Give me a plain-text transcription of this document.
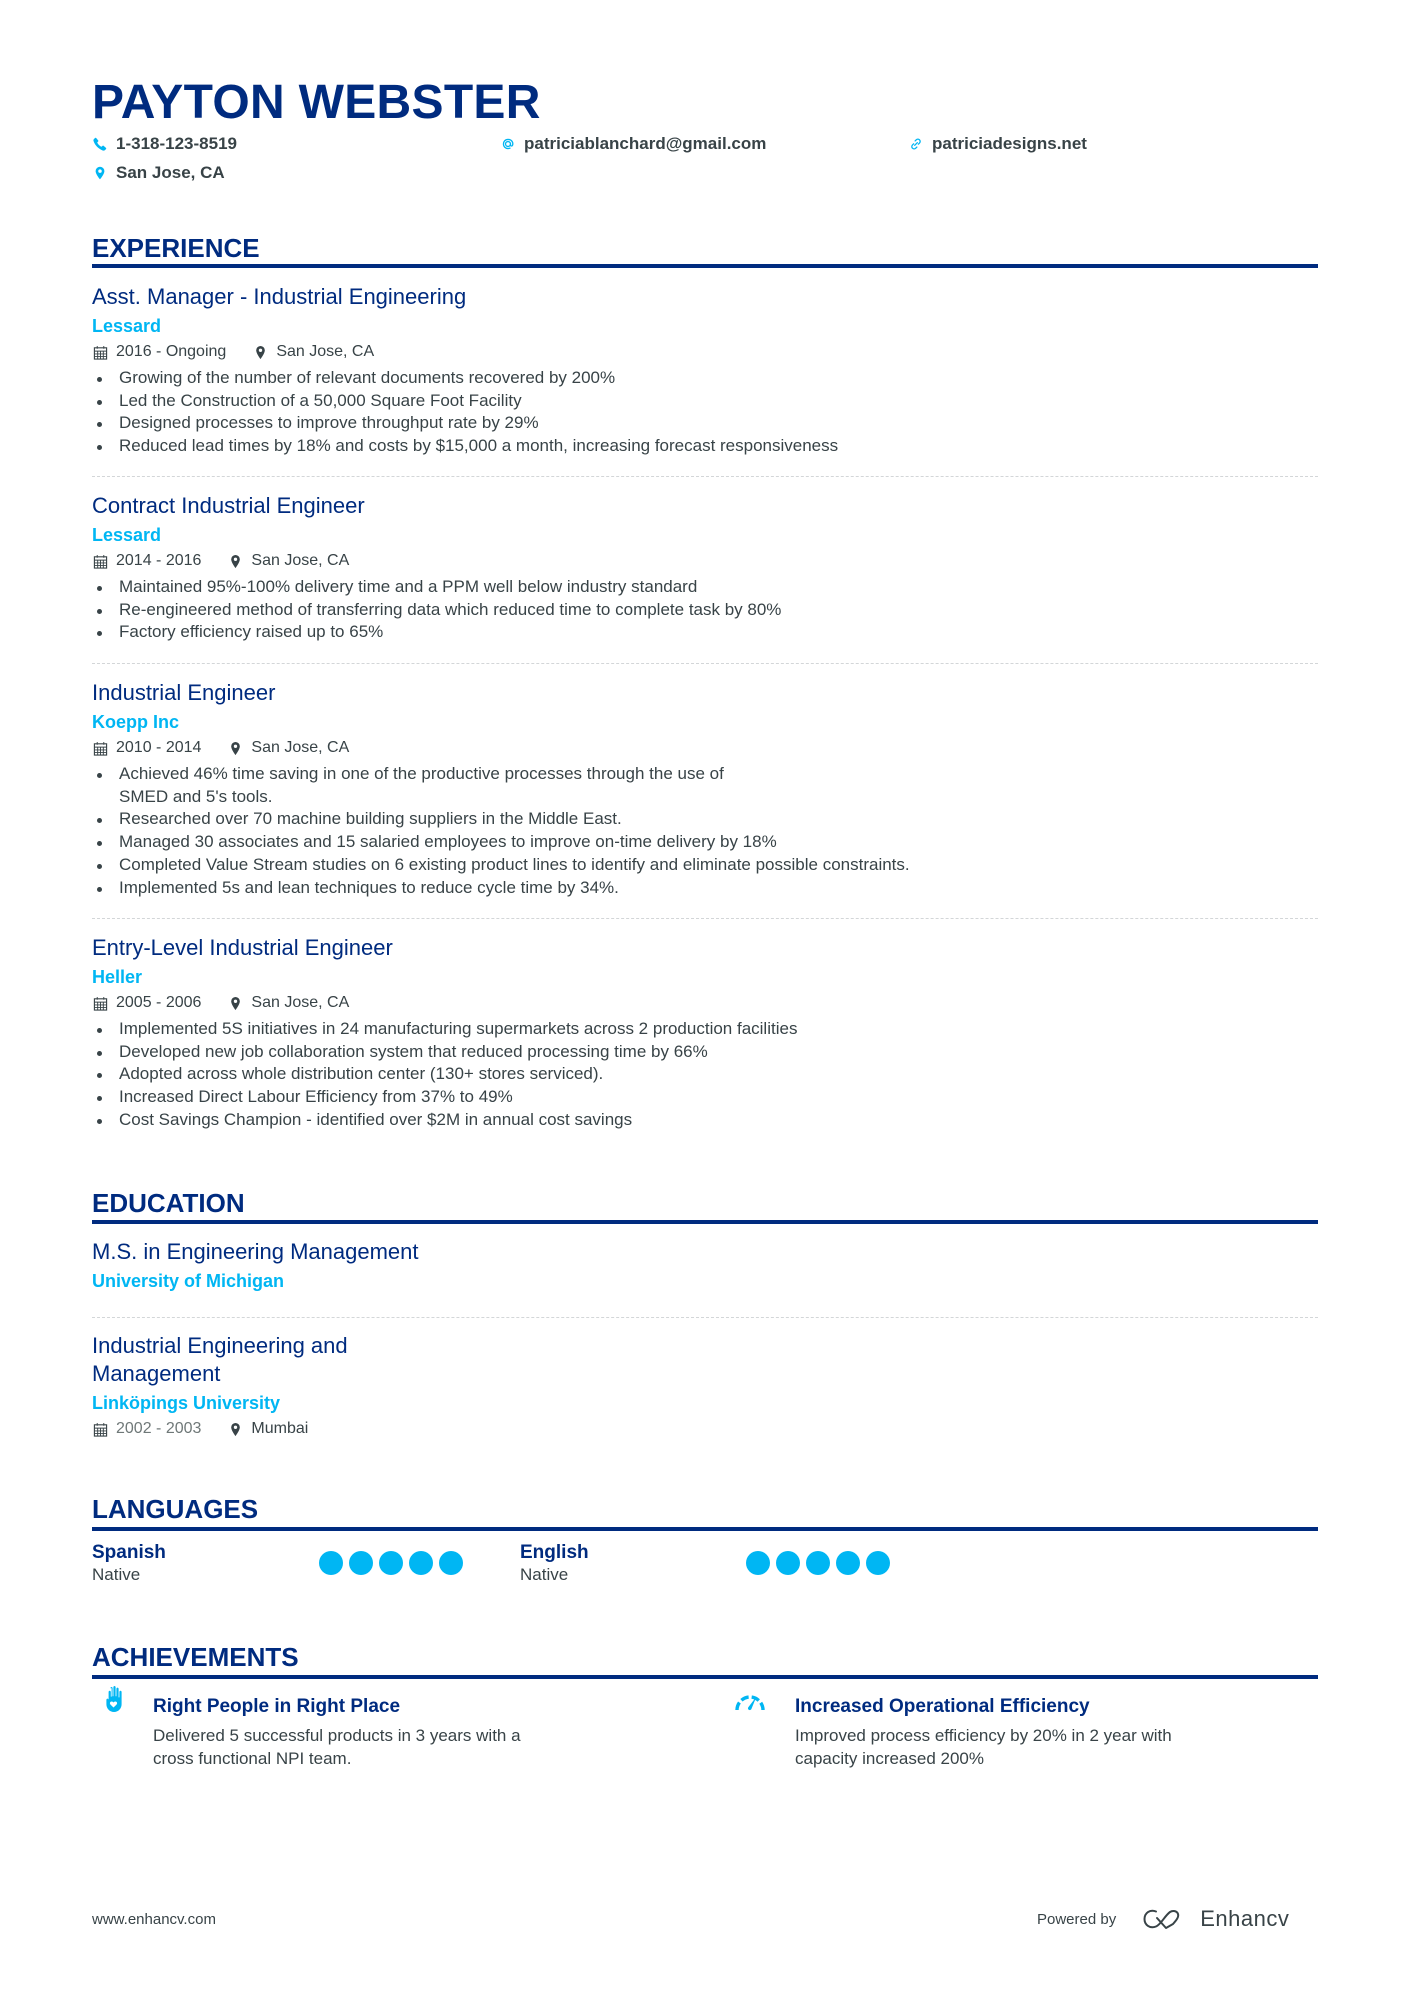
PAYTON WEBSTER
1-318-123-8519	patriciablanchard@gmail.com	patriciadesigns.net
San Jose, CA
EXPERIENCE
Asst. Manager - Industrial Engineering
Lessard
2016 - Ongoing	San Jose, CA
Growing of the number of relevant documents recovered by 200%
Led the Construction of a 50,000 Square Foot Facility
Designed processes to improve throughput rate by 29%
Reduced lead times by 18% and costs by $15,000 a month, increasing forecast responsiveness
Contract Industrial Engineer
Lessard
2014 - 2016	San Jose, CA
Maintained 95%-100% delivery time and a PPM well below industry standard
Re-engineered method of transferring data which reduced time to complete task by 80%
Factory efficiency raised up to 65%
Industrial Engineer
Koepp Inc
2010 - 2014	San Jose, CA
Achieved 46% time saving in one of the productive processes through the use of SMED and 5's tools.
Researched over 70 machine building suppliers in the Middle East.
Managed 30 associates and 15 salaried employees to improve on-time delivery by 18%
Completed Value Stream studies on 6 existing product lines to identify and eliminate possible constraints.
Implemented 5s and lean techniques to reduce cycle time by 34%.
Entry-Level Industrial Engineer
Heller
2005 - 2006	San Jose, CA
Implemented 5S initiatives in 24 manufacturing supermarkets across 2 production facilities
Developed new job collaboration system that reduced processing time by 66%
Adopted across whole distribution center (130+ stores serviced).
Increased Direct Labour Efficiency from 37% to 49%
Cost Savings Champion - identified over $2M in annual cost savings
EDUCATION
M.S. in Engineering Management
University of Michigan
Industrial Engineering and Management
Linköpings University
2002 - 2003	Mumbai
LANGUAGES
Spanish
Native
English
Native
ACHIEVEMENTS
Right People in Right Place
Delivered 5 successful products in 3 years with a cross functional NPI team.
Increased Operational Efficiency
Improved process efficiency by 20% in 2 year with capacity increased 200%
www.enhancv.com	Powered by	Enhancv
